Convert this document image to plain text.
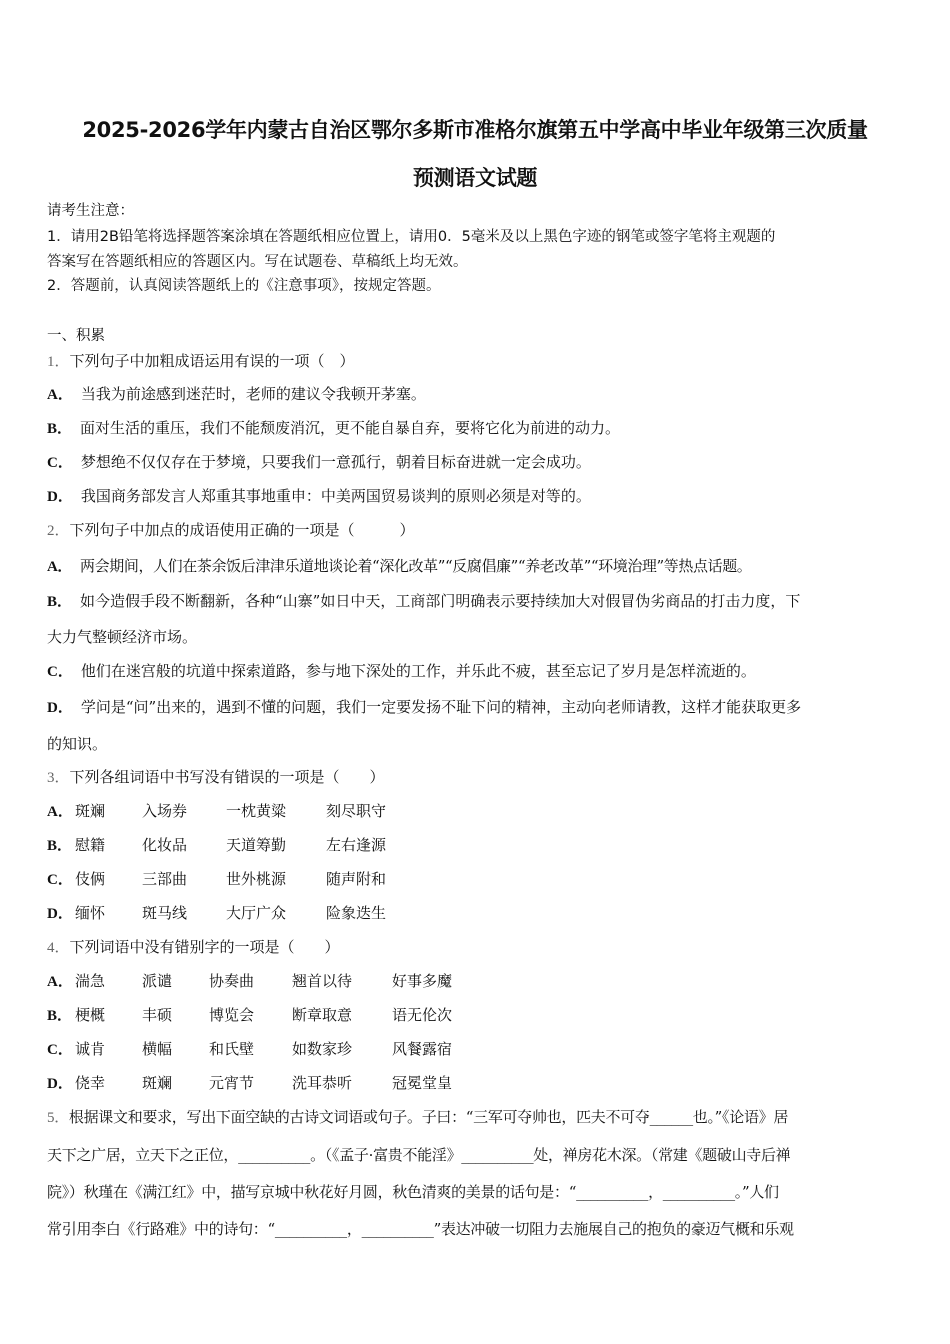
2025-2026学年内蒙古自治区鄂尔多斯市准格尔旗第五中学高中毕业年级第三次质量
预测语文试题
请考生注意：
1．请用2B铅笔将选择题答案涂填在答题纸相应位置上，请用0．5毫米及以上黑色字迹的钢笔或签字笔将主观题的
答案写在答题纸相应的答题区内。写在试题卷、草稿纸上均无效。
2．答题前，认真阅读答题纸上的《注意事项》，按规定答题。
一、积累
1．下列句子中加粗成语运用有误的一项（　）
A． 当我为前途感到迷茫时，老师的建议令我顿开茅塞。
B． 面对生活的重压，我们不能颓废消沉，更不能自暴自弃，要将它化为前进的动力。
C． 梦想绝不仅仅存在于梦境，只要我们一意孤行，朝着目标奋进就一定会成功。
D． 我国商务部发言人郑重其事地重申：中美两国贸易谈判的原则必须是对等的。
2．下列句子中加点的成语使用正确的一项是（　　　）
A． 两会期间，人们在茶余饭后津津乐道地谈论着“深化改革”“反腐倡廉”“养老改革”“环境治理”等热点话题。
B． 如今造假手段不断翻新，各种“山寨”如日中天，工商部门明确表示要持续加大对假冒伪劣商品的打击力度，下
大力气整顿经济市场。
C． 他们在迷宫般的坑道中探索道路，参与地下深处的工作，并乐此不疲，甚至忘记了岁月是怎样流逝的。
D． 学问是“问”出来的，遇到不懂的问题，我们一定要发扬不耻下问的精神，主动向老师请教，这样才能获取更多
的知识。
3．下列各组词语中书写没有错误的一项是（　　）
A． 斑斓 入场券	一枕黄粱	刻尽职守
B． 慰籍 化妆品	天道筹勤	左右逢源
C． 伎俩 三部曲	世外桃源	随声附和
D． 缅怀 斑马线	大厅广众	险象迭生
4．下列词语中没有错别字的一项是（　　）
A． 湍急 派谴 协奏曲	翘首以待	好事多魔
B． 梗概 丰硕 博览会	断章取意	语无伦次
C． 诚肯 横幅 和氏壁	如数家珍	风餐露宿
D． 侥幸 斑斓 元宵节	洗耳恭听	冠冕堂皇
5．根据课文和要求，写出下面空缺的古诗文词语或句子。子曰：“三军可夺帅也，匹夫不可夺______也。”《论语》居
天下之广居，立天下之正位，__________。（《孟子·富贵不能淫》__________处，禅房花木深。（常建《题破山寺后禅
院》）秋瑾在《满江红》中，描写京城中秋花好月圆，秋色清爽的美景的话句是：“__________，__________。”人们
常引用李白《行路难》中的诗句：“__________，__________”表达冲破一切阻力去施展自己的抱负的豪迈气概和乐观
